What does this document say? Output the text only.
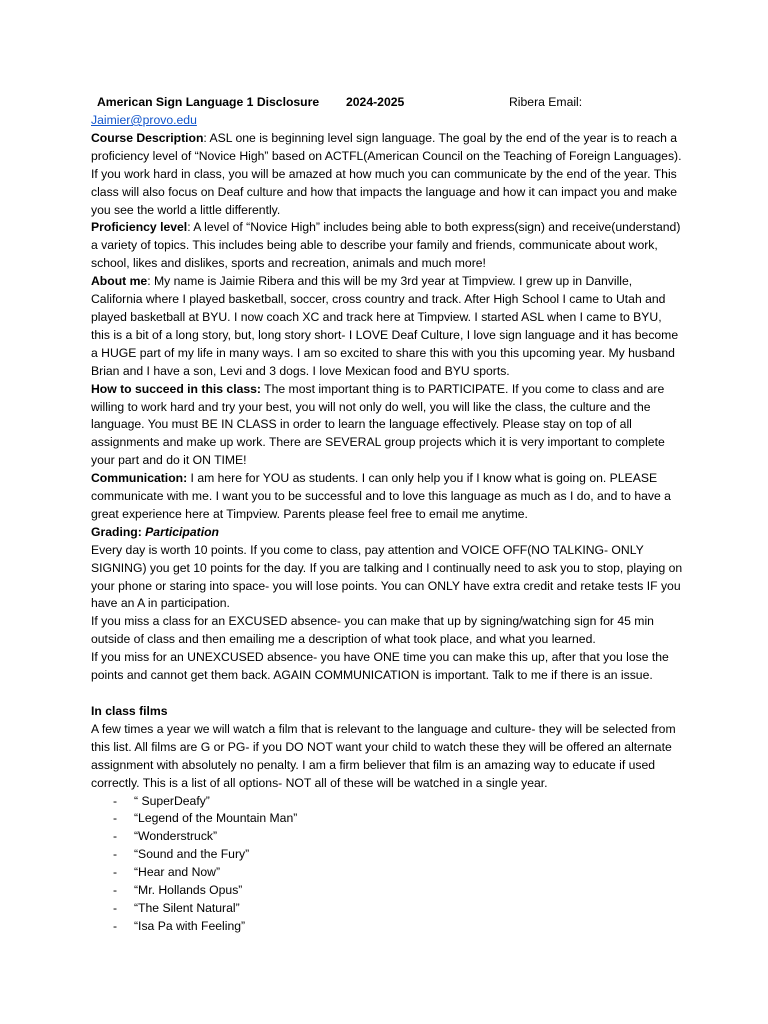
American Sign Language 1 Disclosure 2024-2025	Ribera Email:
Jaimier@provo.edu

Course Description: ASL one is beginning level sign language. The goal by the end of the year is to reach a proficiency level of “Novice High” based on ACTFL(American Council on the Teaching of Foreign Languages). If you work hard in class, you will be amazed at how much you can communicate by the end of the year. This class will also focus on Deaf culture and how that impacts the language and how it can impact you and make you see the world a little differently.

Proficiency level: A level of “Novice High” includes being able to both express(sign) and receive(understand) a variety of topics. This includes being able to describe your family and friends, communicate about work, school, likes and dislikes, sports and recreation, animals and much more!

About me: My name is Jaimie Ribera and this will be my 3rd year at Timpview. I grew up in Danville, California where I played basketball, soccer, cross country and track. After High School I came to Utah and played basketball at BYU. I now coach XC and track here at Timpview. I started ASL when I came to BYU, this is a bit of a long story, but, long story short- I LOVE Deaf Culture, I love sign language and it has become a HUGE part of my life in many ways. I am so excited to share this with you this upcoming year. My husband Brian and I have a son, Levi and 3 dogs. I love Mexican food and BYU sports.

How to succeed in this class: The most important thing is to PARTICIPATE. If you come to class and are willing to work hard and try your best, you will not only do well, you will like the class, the culture and the language. You must BE IN CLASS in order to learn the language effectively. Please stay on top of all assignments and make up work. There are SEVERAL group projects which it is very important to complete your part and do it ON TIME!

Communication: I am here for YOU as students. I can only help you if I know what is going on. PLEASE communicate with me. I want you to be successful and to love this language as much as I do, and to have a great experience here at Timpview. Parents please feel free to email me anytime.

Grading: Participation

Every day is worth 10 points. If you come to class, pay attention and VOICE OFF(NO TALKING- ONLY SIGNING) you get 10 points for the day. If you are talking and I continually need to ask you to stop, playing on your phone or staring into space- you will lose points. You can ONLY have extra credit and retake tests IF you have an A in participation.

If you miss a class for an EXCUSED absence- you can make that up by signing/watching sign for 45 min outside of class and then emailing me a description of what took place, and what you learned.

If you miss for an UNEXCUSED absence- you have ONE time you can make this up, after that you lose the points and cannot get them back. AGAIN COMMUNICATION is important. Talk to me if there is an issue.

In class films

A few times a year we will watch a film that is relevant to the language and culture- they will be selected from this list. All films are G or PG- if you DO NOT want your child to watch these they will be offered an alternate assignment with absolutely no penalty. I am a firm believer that film is an amazing way to educate if used correctly. This is a list of all options- NOT all of these will be watched in a single year.

- “ SuperDeafy”
- “Legend of the Mountain Man”
- “Wonderstruck”
- “Sound and the Fury”
- “Hear and Now”
- “Mr. Hollands Opus”
- “The Silent Natural”
- “Isa Pa with Feeling”
